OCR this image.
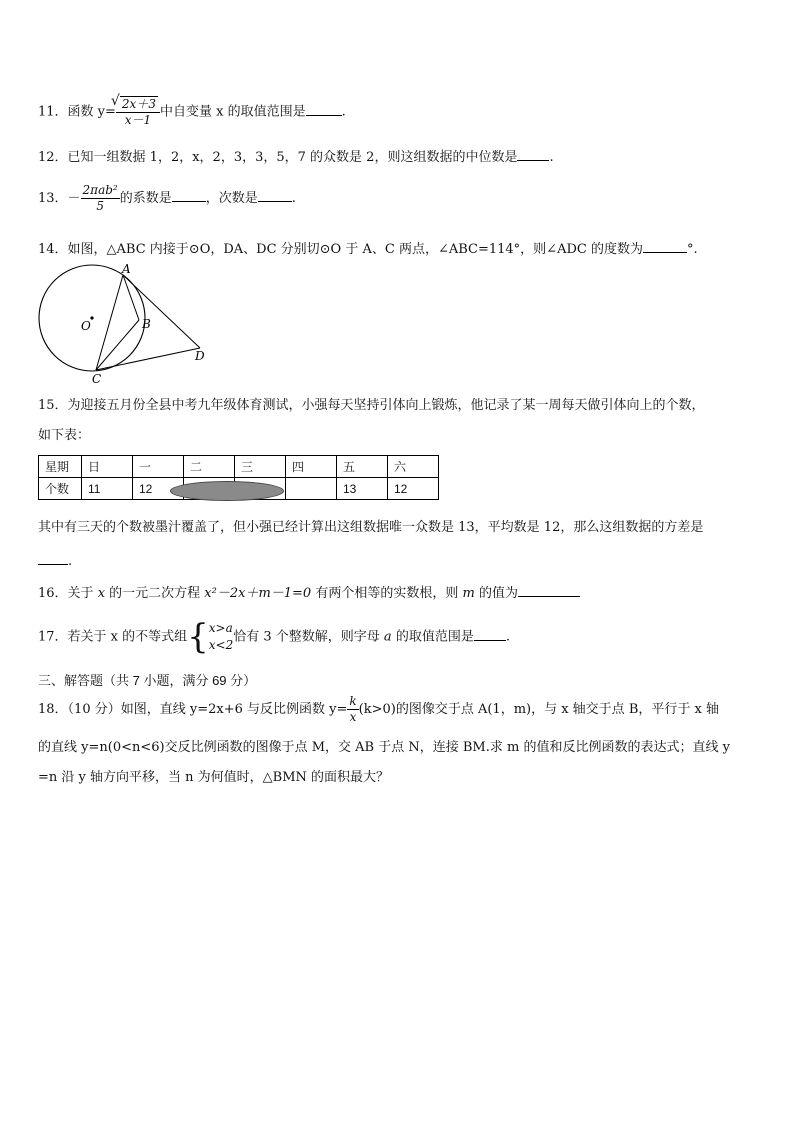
11．函数 y= √ $\frac{2x+3}{x-1}$ 中自变量 x 的取值范围是	.
12．已知一组数据 1，2，x，2，3，3，5，7 的众数是 2，则这组数据的中位数是 .
13．－ $\frac{\text{2πab²}}{5}$ 的系数是	，次数是	.
14．如图，△ABC 内接于⊙O，DA、DC 分别切⊙O 于 A、C 两点，∠ABC=114°，则∠ADC 的度数为	°.
O
A
B
C
D
15．为迎接五月份全县中考九年级体育测试，小强每天坚持引体向上锻炼，他记录了某一周每天做引体向上的个数，
如下表：
星期	日	一	二	三	四	五	六
个数	11	12				13	12
其中有三天的个数被墨汁覆盖了，但小强已经计算出这组数据唯一众数是 13，平均数是 12，那么这组数据的方差是
.
16．关于 x 的一元二次方程 x²－2x＋m－1=0 有两个相等的实数根，则 m 的值为
17．若关于 x 的不等式组{ x>a
x<2
恰有 3 个整数解，则字母 a 的取值范围是 .
三、解答题（共 7 小题，满分 69 分）
18．（10 分）如图，直线 y=2x+6 与反比例函数 $y= \frac{k}{x} (k>0)$的图像交于点 A(1，m)，与 x 轴交于点 B，平行于 x 轴
的直线 y=n(0<n<6)交反比例函数的图像于点 M，交 AB 于点 N，连接 BM.求 m 的值和反比例函数的表达式；直线 y
=n 沿 y 轴方向平移，当 n 为何值时，△BMN 的面积最大？
